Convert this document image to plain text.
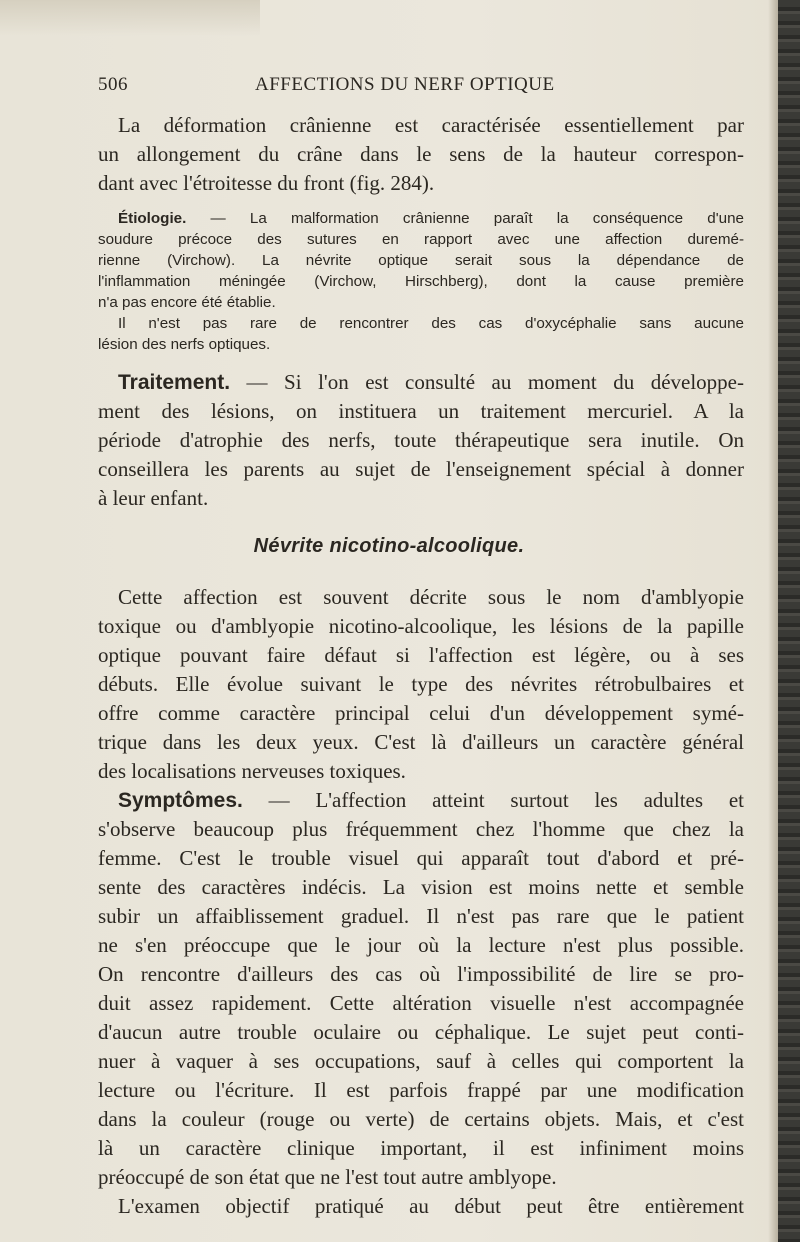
506	AFFECTIONS DU NERF OPTIQUE

La déformation crânienne est caractérisée essentiellement par
un allongement du crâne dans le sens de la hauteur correspon-
dant avec l'étroitesse du front (fig. 284).

Étiologie. — La malformation crânienne paraît la conséquence d'une
soudure précoce des sutures en rapport avec une affection duremé-
rienne (Virchow). La névrite optique serait sous la dépendance de
l'inflammation méningée (Virchow, Hirschberg), dont la cause première
n'a pas encore été établie.
Il n'est pas rare de rencontrer des cas d'oxycéphalie sans aucune
lésion des nerfs optiques.

Traitement. — Si l'on est consulté au moment du développe-
ment des lésions, on instituera un traitement mercuriel. A la
période d'atrophie des nerfs, toute thérapeutique sera inutile. On
conseillera les parents au sujet de l'enseignement spécial à donner
à leur enfant.

Névrite nicotino-alcoolique.

Cette affection est souvent décrite sous le nom d'amblyopie
toxique ou d'amblyopie nicotino-alcoolique, les lésions de la papille
optique pouvant faire défaut si l'affection est légère, ou à ses
débuts. Elle évolue suivant le type des névrites rétrobulbaires et
offre comme caractère principal celui d'un développement symé-
trique dans les deux yeux. C'est là d'ailleurs un caractère général
des localisations nerveuses toxiques.

Symptômes. — L'affection atteint surtout les adultes et
s'observe beaucoup plus fréquemment chez l'homme que chez la
femme. C'est le trouble visuel qui apparaît tout d'abord et pré-
sente des caractères indécis. La vision est moins nette et semble
subir un affaiblissement graduel. Il n'est pas rare que le patient
ne s'en préoccupe que le jour où la lecture n'est plus possible.
On rencontre d'ailleurs des cas où l'impossibilité de lire se pro-
duit assez rapidement. Cette altération visuelle n'est accompagnée
d'aucun autre trouble oculaire ou céphalique. Le sujet peut conti-
nuer à vaquer à ses occupations, sauf à celles qui comportent la
lecture ou l'écriture. Il est parfois frappé par une modification
dans la couleur (rouge ou verte) de certains objets. Mais, et c'est
là un caractère clinique important, il est infiniment moins
préoccupé de son état que ne l'est tout autre amblyope.
L'examen objectif pratiqué au début peut être entièrement
